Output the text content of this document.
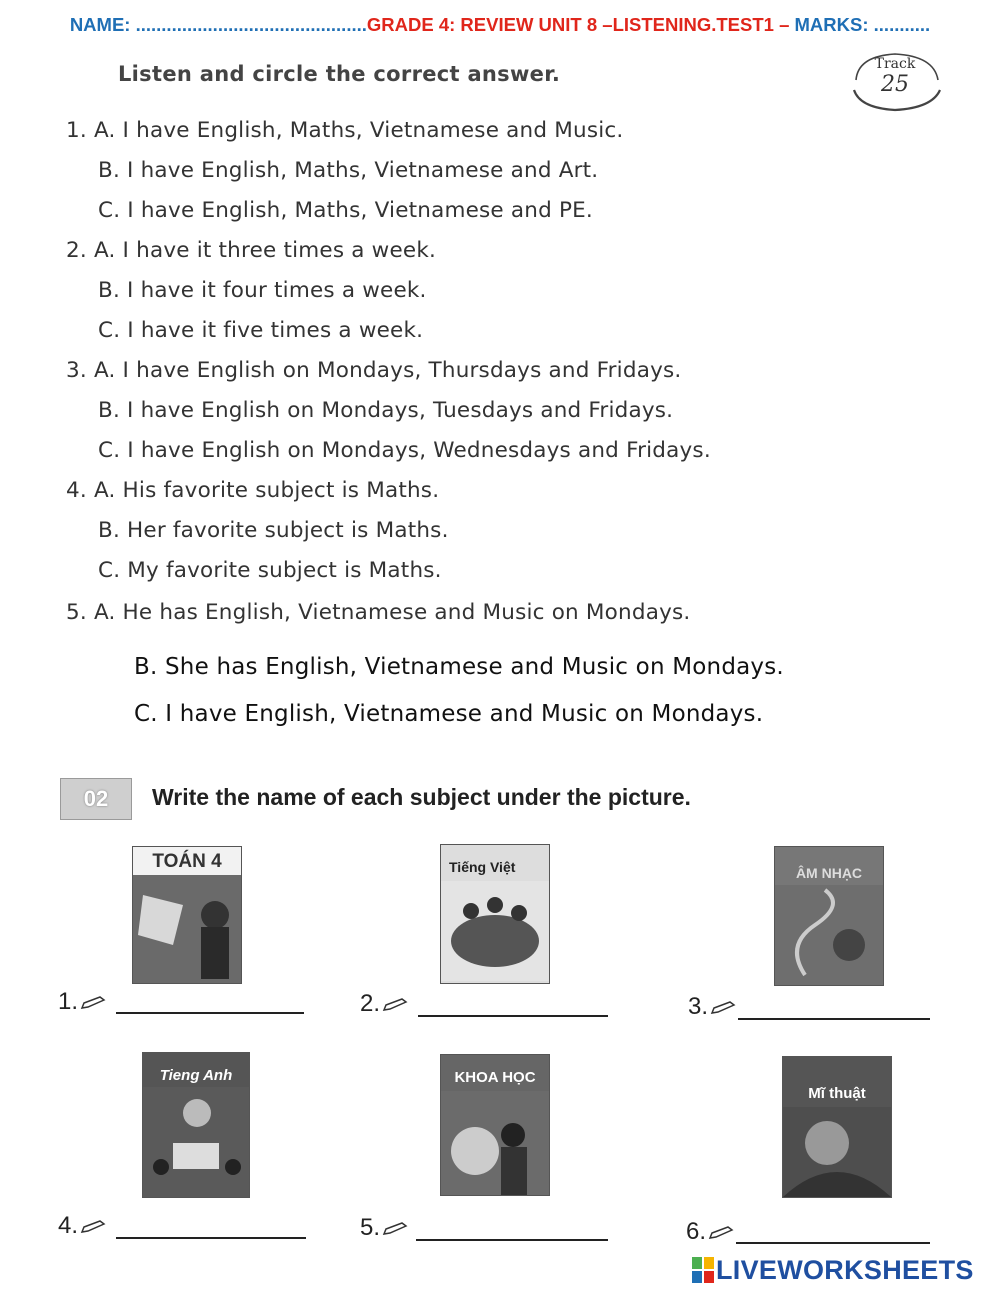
NAME: .............................................GRADE 4: REVIEW UNIT 8 –LISTENING.TEST1 – MARKS: ...........
Listen and circle the correct answer.	Track
25
1. A. I have English, Maths, Vietnamese and Music.
B. I have English, Maths, Vietnamese and Art.
C. I have English, Maths, Vietnamese and PE.
2. A. I have it three times a week.
B. I have it four times a week.
C. I have it five times a week.
3. A. I have English on Mondays, Thursdays and Fridays.
B. I have English on Mondays, Tuesdays and Fridays.
C. I have English on Mondays, Wednesdays and Fridays.
4. A. His favorite subject is Maths.
B. Her favorite subject is Maths.
C. My favorite subject is Maths.
5. A. He has English, Vietnamese and Music on Mondays.
B. She has English, Vietnamese and Music on Mondays.
C. I have English, Vietnamese and Music on Mondays.
02	Write the name of each subject under the picture.
TOÁN 4
1.
Tiếng Việt
2.
ÂM NHẠC
3.
Tieng Anh
4.
KHOA HỌC
5.
Mĩ thuật
6.
LIVEWORKSHEETS
